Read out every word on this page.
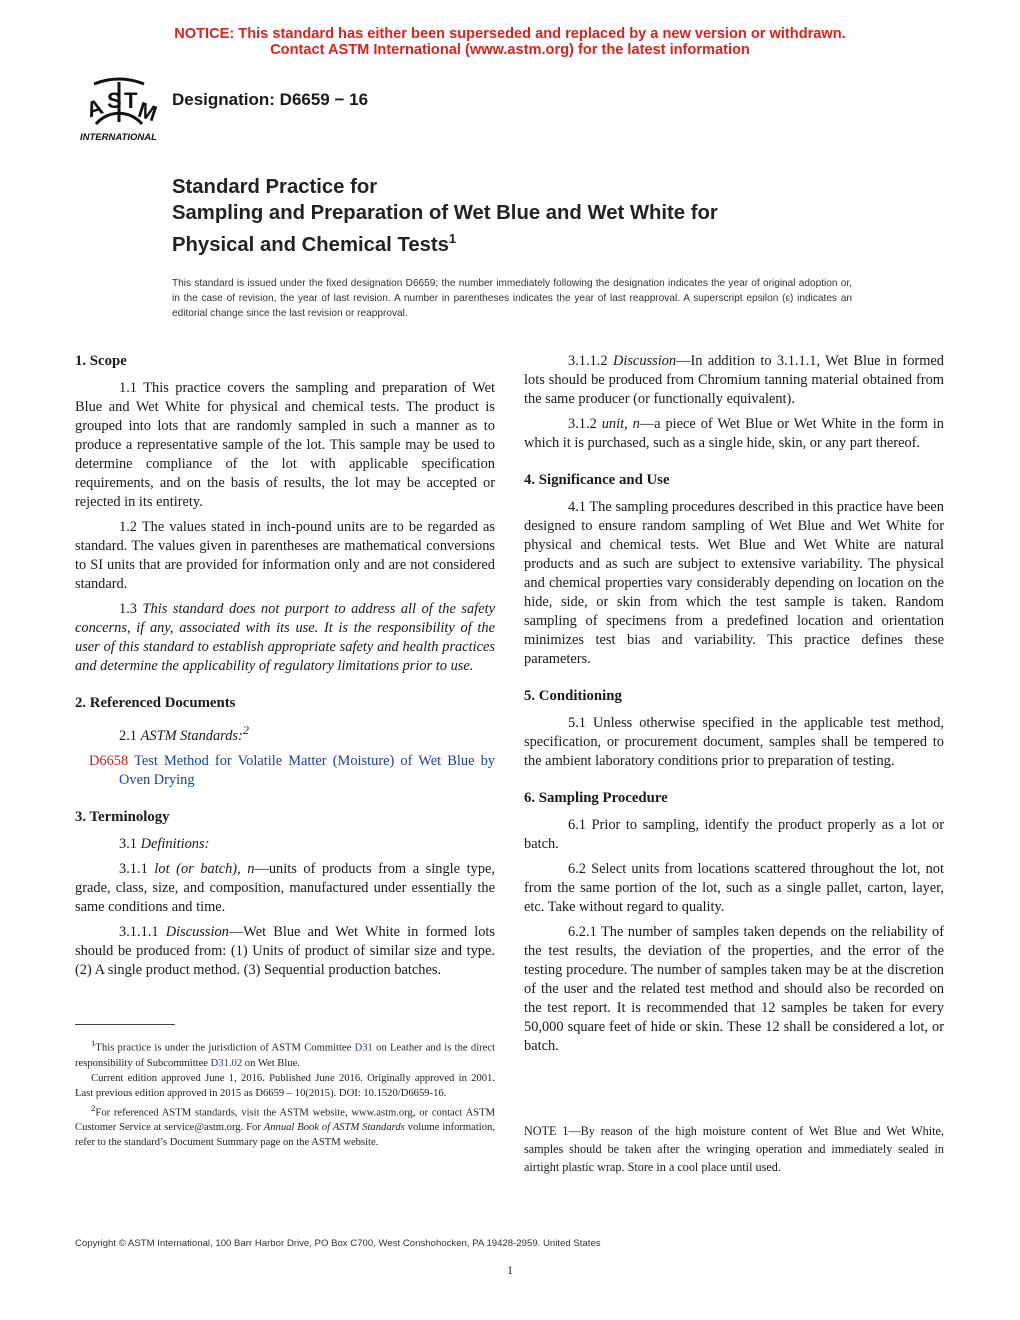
NOTICE: This standard has either been superseded and replaced by a new version or withdrawn.
Contact ASTM International (www.astm.org) for the latest information
A S T
M
INTERNATIONAL
Designation: D6659 − 16
Standard Practice for
Sampling and Preparation of Wet Blue and Wet White for
Physical and Chemical Tests$^1$
This standard is issued under the fixed designation D6659; the number immediately following the designation indicates the year of original adoption or, in the case of revision, the year of last revision. A number in parentheses indicates the year of last reapproval. A superscript epsilon (ε) indicates an editorial change since the last revision or reapproval.
1. Scope

1.1 This practice covers the sampling and preparation of Wet Blue and Wet White for physical and chemical tests. The product is grouped into lots that are randomly sampled in such a manner as to produce a representative sample of the lot. This sample may be used to determine compliance of the lot with applicable specification requirements, and on the basis of results, the lot may be accepted or rejected in its entirety.

1.2 The values stated in inch-pound units are to be regarded as standard. The values given in parentheses are mathematical conversions to SI units that are provided for information only and are not considered standard.

1.3 This standard does not purport to address all of the safety concerns, if any, associated with its use. It is the responsibility of the user of this standard to establish appropriate safety and health practices and determine the applicability of regulatory limitations prior to use.

2. Referenced Documents

2.1 ASTM Standards:$^2$

D6658 Test Method for Volatile Matter (Moisture) of Wet Blue by Oven Drying

3. Terminology

3.1 Definitions:

3.1.1 lot (or batch), n—units of products from a single type, grade, class, size, and composition, manufactured under essentially the same conditions and time.

3.1.1.1 Discussion—Wet Blue and Wet White in formed lots should be produced from: (1) Units of product of similar size and type. (2) A single product method. (3) Sequential production batches.

3.1.1.2 Discussion—In addition to 3.1.1.1, Wet Blue in formed lots should be produced from Chromium tanning material obtained from the same producer (or functionally equivalent).

3.1.2 unit, n—a piece of Wet Blue or Wet White in the form in which it is purchased, such as a single hide, skin, or any part thereof.

4. Significance and Use

4.1 The sampling procedures described in this practice have been designed to ensure random sampling of Wet Blue and Wet White for physical and chemical tests. Wet Blue and Wet White are natural products and as such are subject to extensive variability. The physical and chemical properties vary considerably depending on location on the hide, side, or skin from which the test sample is taken. Random sampling of specimens from a predefined location and orientation minimizes test bias and variability. This practice defines these parameters.

5. Conditioning

5.1 Unless otherwise specified in the applicable test method, specification, or procurement document, samples shall be tempered to the ambient laboratory conditions prior to preparation of testing.

6. Sampling Procedure

6.1 Prior to sampling, identify the product properly as a lot or batch.

6.2 Select units from locations scattered throughout the lot, not from the same portion of the lot, such as a single pallet, carton, layer, etc. Take without regard to quality.

6.2.1 The number of samples taken depends on the reliability of the test results, the deviation of the properties, and the error of the testing procedure. The number of samples taken may be at the discretion of the user and the related test method and should also be recorded on the test report. It is recommended that 12 samples be taken for every 50,000 square feet of hide or skin. These 12 shall be considered a lot, or batch.

NOTE 1—By reason of the high moisture content of Wet Blue and Wet White, samples should be taken after the wringing operation and immediately sealed in airtight plastic wrap. Store in a cool place until used.

$^1$This practice is under the jurisdiction of ASTM Committee D31 on Leather and is the direct responsibility of Subcommittee D31.02 on Wet Blue.

Current edition approved June 1, 2016. Published June 2016. Originally approved in 2001. Last previous edition approved in 2015 as D6659 – 10(2015). DOI: 10.1520/D6659-16.

$^2$For referenced ASTM standards, visit the ASTM website, www.astm.org, or contact ASTM Customer Service at service@astm.org. For Annual Book of ASTM Standards volume information, refer to the standard’s Document Summary page on the ASTM website.

Copyright © ASTM International, 100 Barr Harbor Drive, PO Box C700, West Conshohocken, PA 19428-2959. United States
1
